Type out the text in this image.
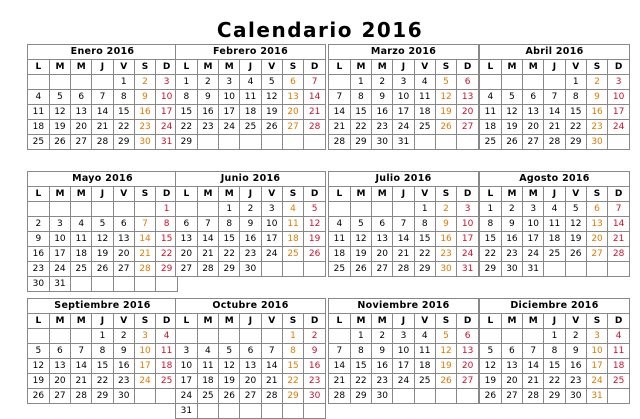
Calendario 2016
Enero 2016
L	M	M	J	V	S	D
				1	2	3
4	5	6	7	8	9	10
11	12	13	14	15	16	17
18	19	20	21	22	23	24
25	26	27	28	29	30	31
Febrero 2016
L	M	M	J	V	S	D
1	2	3	4	5	6	7
8	9	10	11	12	13	14
15	16	17	18	19	20	21
22	23	24	25	26	27	28
29						
Marzo 2016
L	M	M	J	V	S	D
	1	2	3	4	5	6
7	8	9	10	11	12	13
14	15	16	17	18	19	20
21	22	23	24	25	26	27
28	29	30	31			
Abril 2016
L	M	M	J	V	S	D
				1	2	3
4	5	6	7	8	9	10
11	12	13	14	15	16	17
18	19	20	21	22	23	24
25	26	27	28	29	30	
Mayo 2016
L	M	M	J	V	S	D
						1
2	3	4	5	6	7	8
9	10	11	12	13	14	15
16	17	18	19	20	21	22
23	24	25	26	27	28	29
30	31					
Junio 2016
L	M	M	J	V	S	D
		1	2	3	4	5
6	7	8	9	10	11	12
13	14	15	16	17	18	19
20	21	22	23	24	25	26
27	28	29	30			
Julio 2016
L	M	M	J	V	S	D
				1	2	3
4	5	6	7	8	9	10
11	12	13	14	15	16	17
18	19	20	21	22	23	24
25	26	27	28	29	30	31
Agosto 2016
L	M	M	J	V	S	D
1	2	3	4	5	6	7
8	9	10	11	12	13	14
15	16	17	18	19	20	21
22	23	24	25	26	27	28
29	30	31				
Septiembre 2016
L	M	M	J	V	S	D
			1	2	3	4
5	6	7	8	9	10	11
12	13	14	15	16	17	18
19	20	21	22	23	24	25
26	27	28	29	30		
Octubre 2016
L	M	M	J	V	S	D
					1	2
3	4	5	6	7	8	9
10	11	12	13	14	15	16
17	18	19	20	21	22	23
24	25	26	27	28	29	30
31						
Noviembre 2016
L	M	M	J	V	S	D
	1	2	3	4	5	6
7	8	9	10	11	12	13
14	15	16	17	18	19	20
21	22	23	24	25	26	27
28	29	30				
Diciembre 2016
L	M	M	J	V	S	D
			1	2	3	4
5	6	7	8	9	10	11
12	13	14	15	16	17	18
19	20	21	22	23	24	25
26	27	28	29	30	31	
